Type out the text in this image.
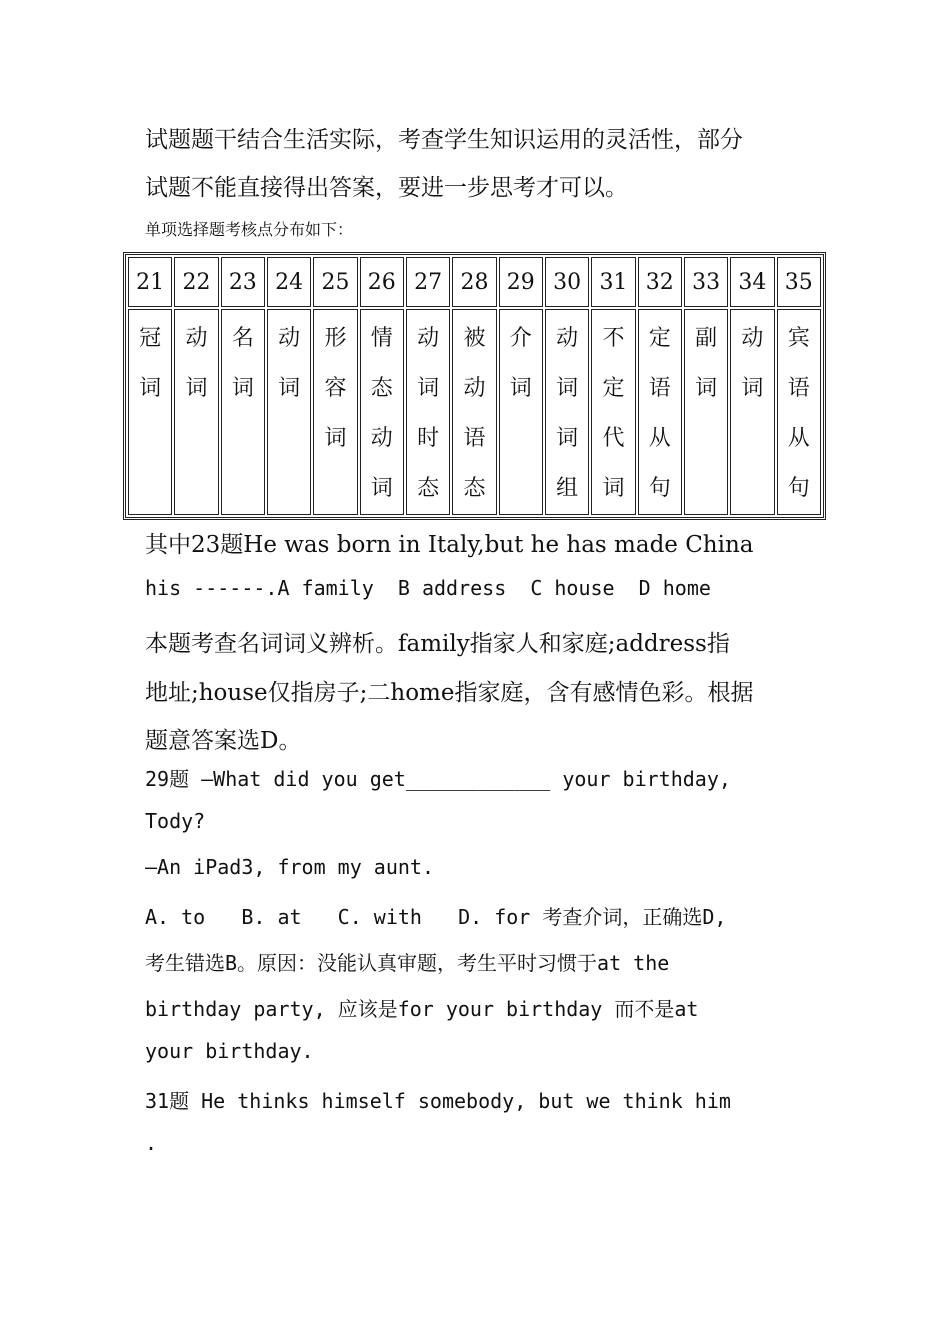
试题题干结合生活实际，考查学生知识运用的灵活性，部分
试题不能直接得出答案，要进一步思考才可以。
单项选择题考核点分布如下：
21	22	23	24	25	26	27	28	29	30	31	32	33	34	35

冠词	动词	名词	动词	形容词	情态动词	动词时态	被动语态	介词	动词词组	不定代词	定语从句	副词	动词	宾语从句
其中23题He was born in Italy,but he has made China
his ------.A family  B address  C house  D home
本题考查名词词义辨析。family指家人和家庭;address指
地址;house仅指房子;二home指家庭，含有感情色彩。根据
题意答案选D。
29题 —What did you get____________ your birthday,
Tody?
—An iPad3, from my aunt.
A. to   B. at   C. with   D. for 考查介词，正确选D,
考生错选B。原因：没能认真审题，考生平时习惯于at the
birthday party, 应该是for your birthday 而不是at
your birthday.
31题 He thinks himself somebody, but we think him
.
